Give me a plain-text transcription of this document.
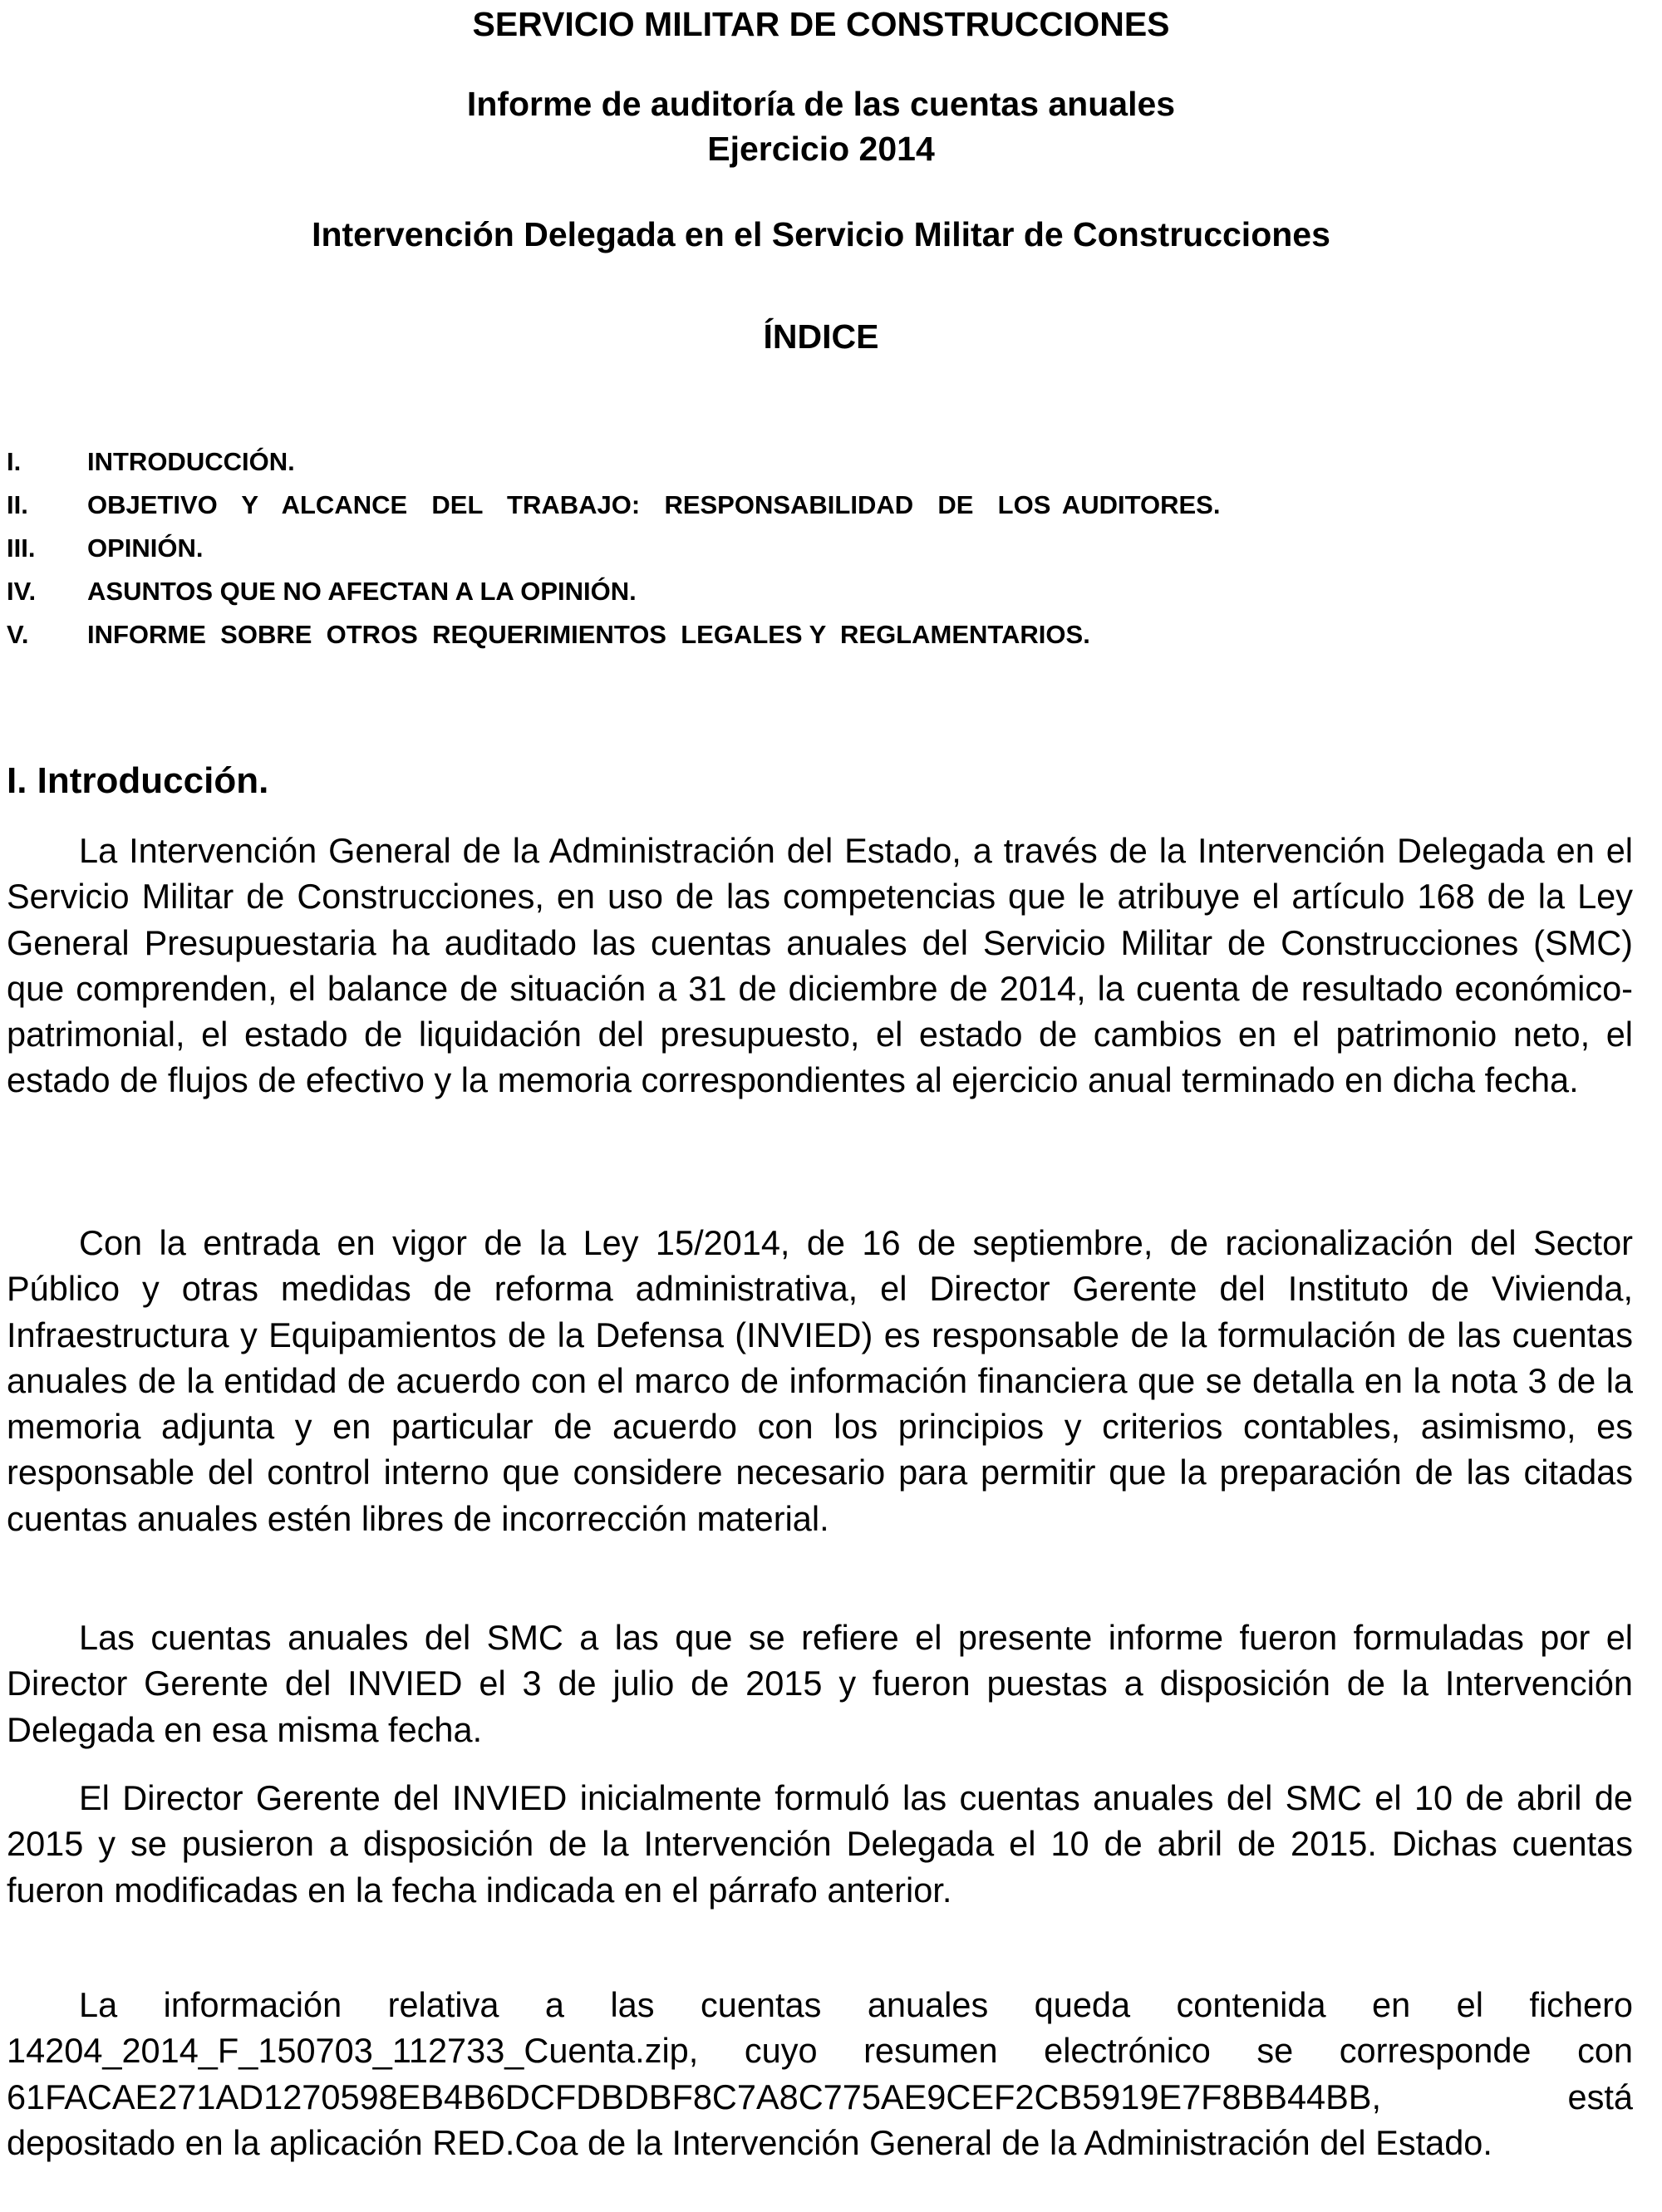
SERVICIO MILITAR DE CONSTRUCCIONES
Informe de auditoría de las cuentas anuales
Ejercicio 2014
Intervención Delegada en el Servicio Militar de Construcciones
ÍNDICE
I.	INTRODUCCIÓN.
II.	OBJETIVO  Y  ALCANCE  DEL  TRABAJO:  RESPONSABILIDAD  DE  LOS AUDITORES.
III.	OPINIÓN.
IV.	ASUNTOS QUE NO AFECTAN A LA OPINIÓN.
V.	INFORME  SOBRE  OTROS  REQUERIMIENTOS  LEGALES Y  REGLAMENTARIOS.
I. Introducción.

La Intervención General de la Administración del Estado, a través de la Intervención Delegada en el Servicio Militar de Construcciones, en uso de las competencias que le atribuye el artículo 168 de la Ley General Presupuestaria ha auditado las cuentas anuales del Servicio Militar de Construcciones (SMC) que comprenden, el balance de situación a 31 de diciembre de 2014, la cuenta de resultado económico-patrimonial, el estado de liquidación del presupuesto, el estado de cambios en el patrimonio neto, el estado de flujos de efectivo y la memoria correspondientes al ejercicio anual terminado en dicha fecha.

Con la entrada en vigor de la Ley 15/2014, de 16 de septiembre, de racionalización del Sector Público y otras medidas de reforma administrativa, el Director Gerente del Instituto de Vivienda, Infraestructura y Equipamientos de la Defensa (INVIED) es responsable de la formulación de las cuentas anuales de la entidad de acuerdo con el marco de información financiera que se detalla en la nota 3 de la memoria adjunta y en particular de acuerdo con los principios y criterios contables, asimismo, es responsable del control interno que considere necesario para permitir que la preparación de las citadas cuentas anuales estén libres de incorrección material.

Las cuentas anuales del SMC a las que se refiere el presente informe fueron formuladas por el Director Gerente del INVIED el 3 de julio de 2015 y fueron puestas a disposición de la Intervención Delegada en esa misma fecha.

El Director Gerente del INVIED inicialmente formuló las cuentas anuales del SMC el 10 de abril de 2015 y se pusieron a disposición de la Intervención Delegada el 10 de abril de 2015. Dichas cuentas fueron modificadas en la fecha indicada en el párrafo anterior.

La información relativa a las cuentas anuales queda contenida en el fichero 14204_2014_F_150703_112733_Cuenta.zip, cuyo resumen electrónico se corresponde con 61FACAE271AD1270598EB4B6DCFDBDBF8C7A8C775AE9CEF2CB5919E7F8BB44BB, está depositado en la aplicación RED.Coa de la Intervención General de la Administración del Estado.
